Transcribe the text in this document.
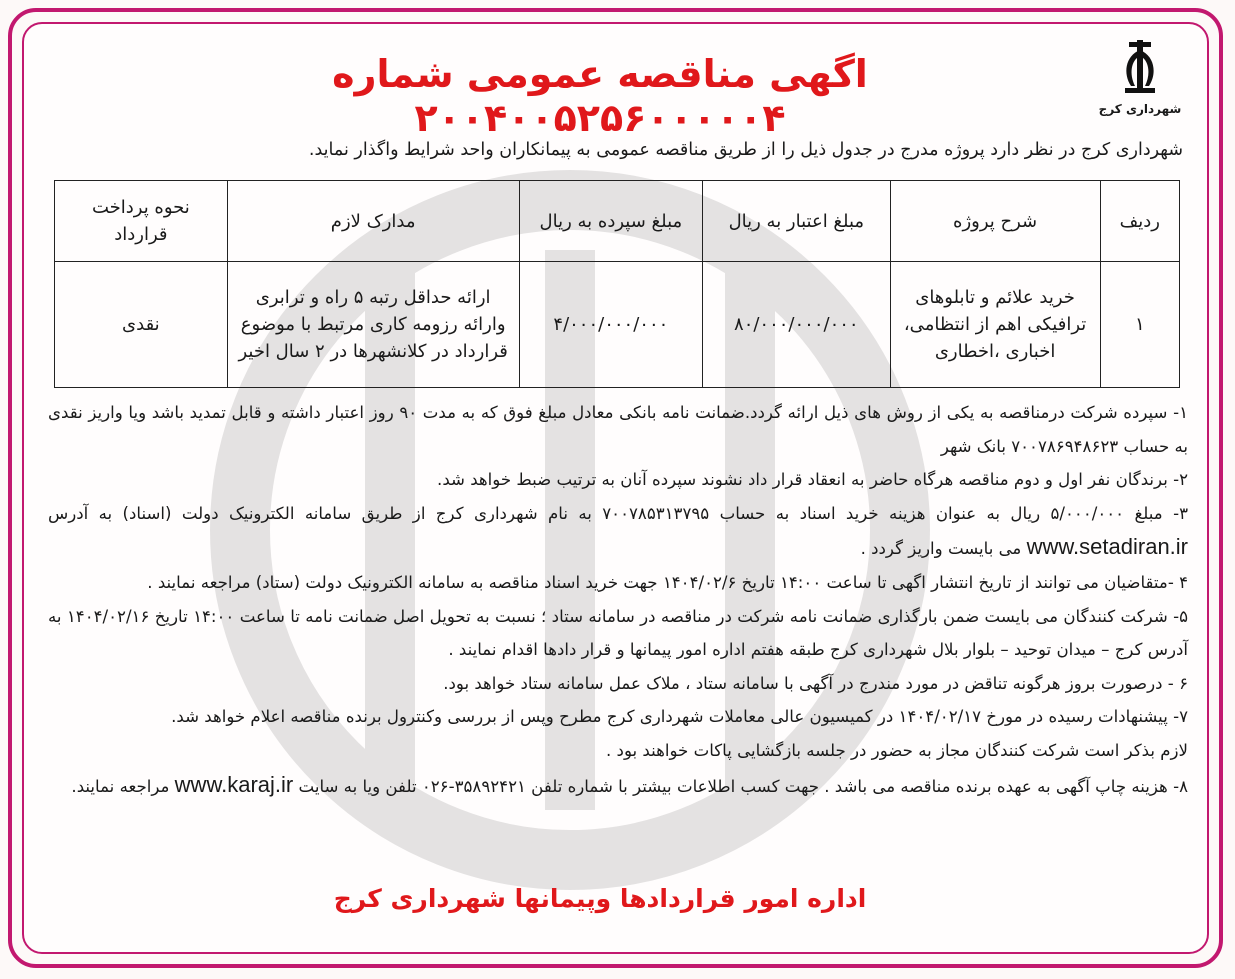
شهرداری کرج
اگهی مناقصه عمومی شماره ۲۰۰۴۰۰۵۲۵۶۰۰۰۰۰۴
شهرداری کرج در نظر دارد پروژه مدرج در جدول ذیل را از طریق مناقصه عمومی به پیمانکاران واحد شرایط واگذار نماید.
ردیف	شرح پروژه	مبلغ اعتبار به ریال	مبلغ سپرده به ریال	مدارک لازم	نحوه پرداخت قرارداد
۱	خرید علائم و تابلوهای ترافیکی اهم از انتظامی، اخباری ،اخطاری	۸۰/۰۰۰/۰۰۰/۰۰۰	۴/۰۰۰/۰۰۰/۰۰۰	ارائه حداقل رتبه ۵ راه و ترابری وارائه رزومه کاری مرتبط با موضوع قرارداد در کلانشهرها در ۲ سال اخیر	نقدی

۱- سپرده شرکت درمناقصه به یکی از روش های ذیل ارائه گردد.ضمانت نامه بانکی معادل مبلغ فوق که به مدت ۹۰ روز اعتبار داشته و قابل تمدید باشد ویا واریز نقدی به حساب ۷۰۰۷۸۶۹۴۸۶۲۳ بانک شهر

۲- برندگان نفر اول و دوم مناقصه هرگاه حاضر به انعقاد قرار داد نشوند سپرده آنان به ترتیب ضبط خواهد شد.

۳- مبلغ ۵/۰۰۰/۰۰۰ ریال به عنوان هزینه خرید اسناد به حساب ۷۰۰۷۸۵۳۱۳۷۹۵ به نام شهرداری کرج از طریق سامانه الکترونیک دولت (اسناد) به آدرس www.setadiran.ir می بایست واریز گردد .

۴ -متقاضیان می توانند از تاریخ انتشار اگهی تا ساعت ۱۴:۰۰ تاریخ ۱۴۰۴/۰۲/۶ جهت خرید اسناد مناقصه به سامانه الکترونیک دولت (ستاد) مراجعه نمایند .

۵- شرکت کنندگان می بایست ضمن بارگذاری ضمانت نامه شرکت در مناقصه در سامانه ستاد ؛ نسبت به تحویل اصل ضمانت نامه تا ساعت ۱۴:۰۰ تاریخ ۱۴۰۴/۰۲/۱۶ به آدرس کرج – میدان توحید – بلوار بلال شهرداری کرج طبقه هفتم اداره امور پیمانها و قرار دادها اقدام نمایند .

۶ - درصورت بروز هرگونه تناقض در مورد مندرج در آگهی با سامانه ستاد ، ملاک عمل سامانه ستاد خواهد بود.

۷- پیشنهادات رسیده در مورخ ۱۴۰۴/۰۲/۱۷ در کمیسیون عالی معاملات شهرداری کرج مطرح وپس از بررسی وکنترول برنده مناقصه اعلام خواهد شد.

لازم بذکر است شرکت کنندگان مجاز به حضور در جلسه بازگشایی پاکات خواهند بود .

۸- هزینه چاپ آگهی به عهده برنده مناقصه می باشد . جهت کسب اطلاعات بیشتر با شماره تلفن ۳۵۸۹۲۴۲۱-۰۲۶ تلفن ویا به سایت www.karaj.ir مراجعه نمایند.

اداره امور قراردادها وپیمانها شهرداری کرج
